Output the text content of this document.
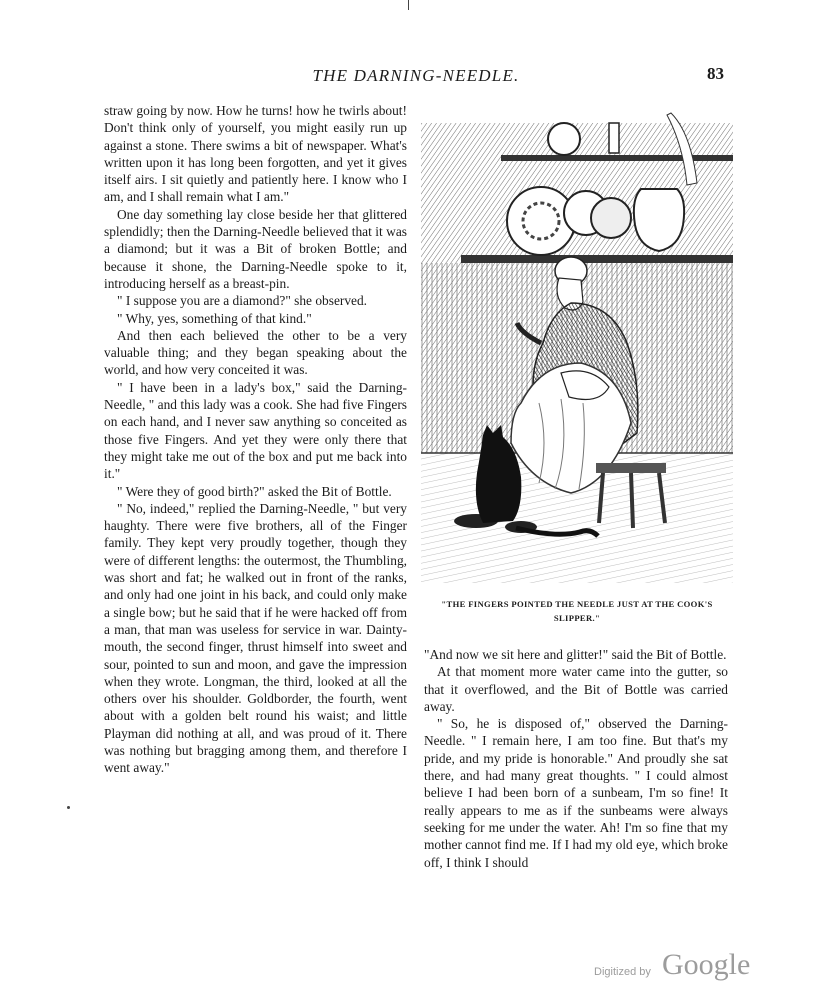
THE DARNING-NEEDLE.	83

straw going by now. How he turns! how he twirls about! Don't think only of yourself, you might easily run up against a stone. There swims a bit of newspaper. What's written upon it has long been forgotten, and yet it gives itself airs. I sit quietly and patiently here. I know who I am, and I shall remain what I am."

One day something lay close beside her that glittered splendidly; then the Darning-Needle believed that it was a diamond; but it was a Bit of broken Bottle; and because it shone, the Darning-Needle spoke to it, introducing herself as a breast-pin.

" I suppose you are a diamond?" she observed.

" Why, yes, something of that kind."

And then each believed the other to be a very valuable thing; and they began speaking about the world, and how very conceited it was.

" I have been in a lady's box," said the Darning-Needle, " and this lady was a cook. She had five Fingers on each hand, and I never saw anything so conceited as those five Fingers. And yet they were only there that they might take me out of the box and put me back into it."

" Were they of good birth?" asked the Bit of Bottle.

" No, indeed," replied the Darning-Needle, " but very haughty. There were five brothers, all of the Finger family. They kept very proudly together, though they were of different lengths: the outermost, the Thumbling, was short and fat; he walked out in front of the ranks, and only had one joint in his back, and could only make a single bow; but he said that if he were hacked off from a man, that man was useless for service in war. Dainty-mouth, the second finger, thrust himself into sweet and sour, pointed to sun and moon, and gave the impression when they wrote. Longman, the third, looked at all the others over his shoulder. Goldborder, the fourth, went about with a golden belt round his waist; and little Playman did nothing at all, and was proud of it. There was nothing but bragging among them, and therefore I went away."

"THE FINGERS POINTED THE NEEDLE JUST AT THE COOK'S SLIPPER."

"And now we sit here and glitter!" said the Bit of Bottle.

At that moment more water came into the gutter, so that it overflowed, and the Bit of Bottle was carried away.

" So, he is disposed of," observed the Darning-Needle. " I remain here, I am too fine. But that's my pride, and my pride is honorable." And proudly she sat there, and had many great thoughts. " I could almost believe I had been born of a sunbeam, I'm so fine! It really appears to me as if the sunbeams were always seeking for me under the water. Ah! I'm so fine that my mother cannot find me. If I had my old eye, which broke off, I think I should

Digitized by Google
